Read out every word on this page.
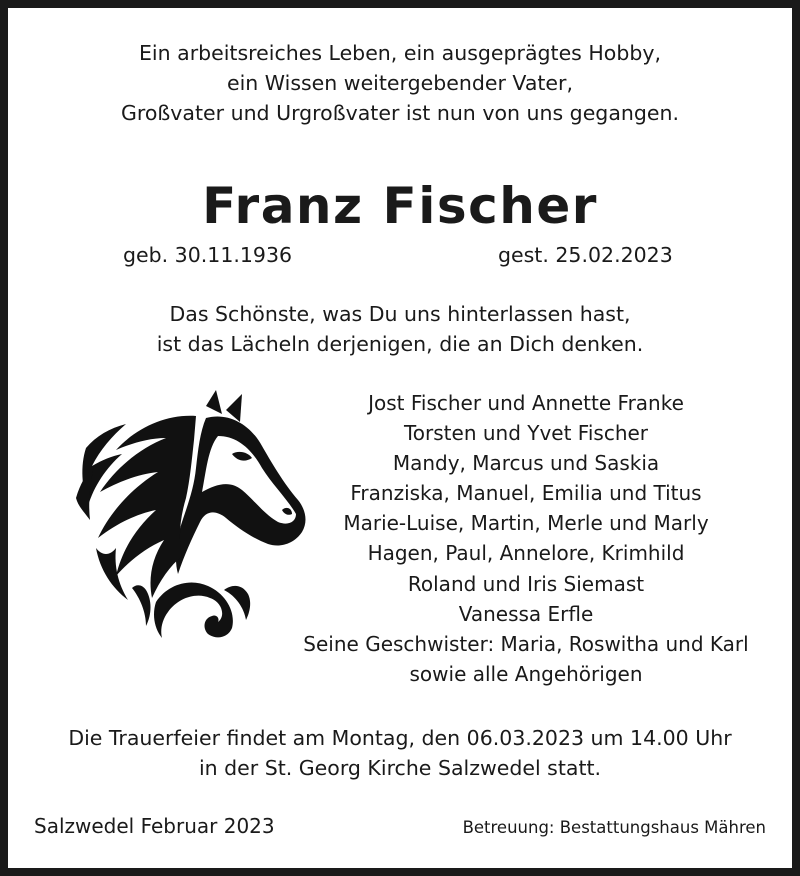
Ein arbeitsreiches Leben, ein ausgeprägtes Hobby,
ein Wissen weitergebender Vater,
Großvater und Urgroßvater ist nun von uns gegangen.
Franz Fischer
geb. 30.11.1936	gest. 25.02.2023
Das Schönste, was Du uns hinterlassen hast,
ist das Lächeln derjenigen, die an Dich denken.
Jost Fischer und Annette Franke
Torsten und Yvet Fischer
Mandy, Marcus und Saskia
Franziska, Manuel, Emilia und Titus
Marie-Luise, Martin, Merle und Marly
Hagen, Paul, Annelore, Krimhild
Roland und Iris Siemast
Vanessa Erfle
Seine Geschwister: Maria, Roswitha und Karl
sowie alle Angehörigen
Die Trauerfeier findet am Montag, den 06.03.2023 um 14.00 Uhr
in der St. Georg Kirche Salzwedel statt.
Salzwedel Februar 2023	Betreuung: Bestattungshaus Mähren
